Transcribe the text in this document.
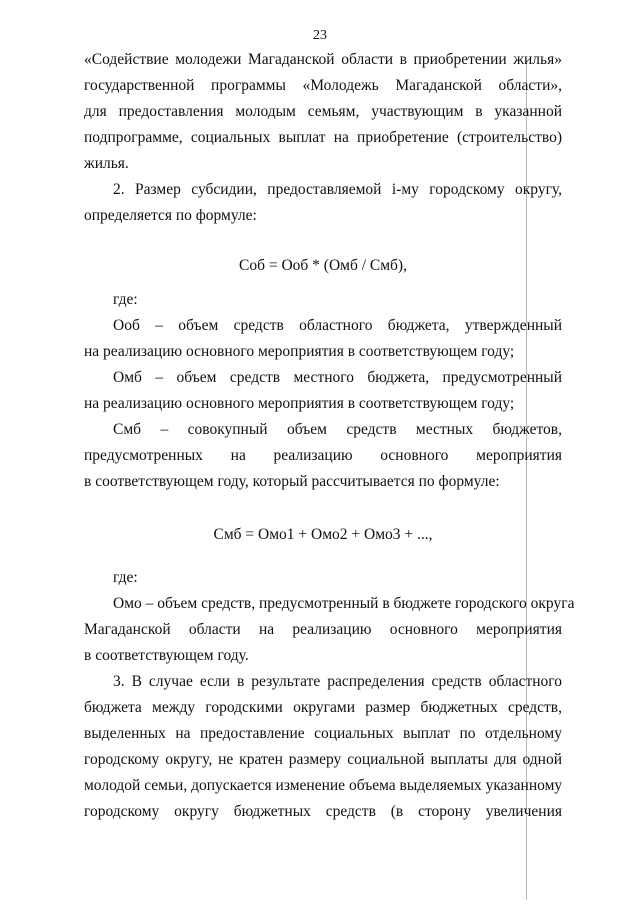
23
«Содействие молодежи Магаданской области в приобретении жилья»
государственной программы «Молодежь Магаданской области»,
для предоставления молодым семьям, участвующим в указанной
подпрограмме, социальных выплат на приобретение (строительство)
жилья.
2. Размер субсидии, предоставляемой i-му городскому округу,
определяется по формуле:
Соб = Ооб * (Омб / Смб),
где:
Ооб – объем средств областного бюджета, утвержденный
на реализацию основного мероприятия в соответствующем году;
Омб – объем средств местного бюджета, предусмотренный
на реализацию основного мероприятия в соответствующем году;
Смб – совокупный объем средств местных бюджетов,
предусмотренных на реализацию основного мероприятия
в соответствующем году, который рассчитывается по формуле:
Смб = Омо1 + Омо2 + Омо3 + ...,
где:
Омо – объем средств, предусмотренный в бюджете городского округа
Магаданской области на реализацию основного мероприятия
в соответствующем году.
3. В случае если в результате распределения средств областного
бюджета между городскими округами размер бюджетных средств,
выделенных на предоставление социальных выплат по отдельному
городскому округу, не кратен размеру социальной выплаты для одной
молодой семьи, допускается изменение объема выделяемых указанному
городскому округу бюджетных средств (в сторону увеличения
